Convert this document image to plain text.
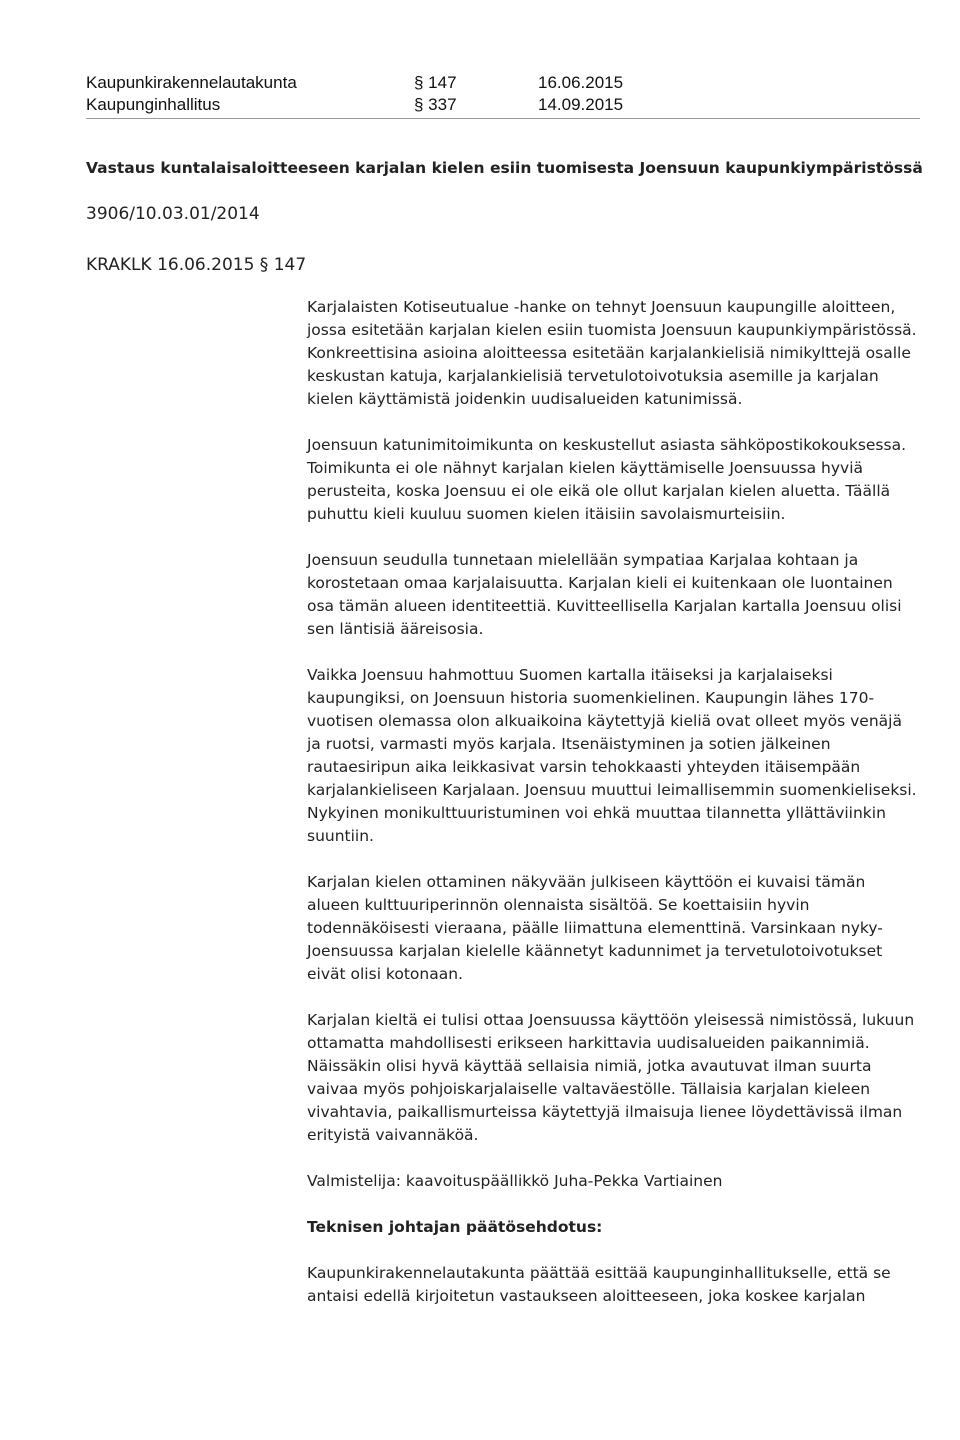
Kaupunkirakennelautakunta	§ 147	16.06.2015
Kaupunginhallitus	§ 337	14.09.2015
Vastaus kuntalaisaloitteeseen karjalan kielen esiin tuomisesta Joensuun kaupunkiympäristössä
3906/10.03.01/2014
KRAKLK 16.06.2015 § 147

Karjalaisten Kotiseutualue -hanke on tehnyt Joensuun kaupungille aloitteen, jossa esitetään karjalan kielen esiin tuomista Joensuun kaupunkiympäristössä. Konkreettisina asioina aloitteessa esitetään karjalankielisiä nimikylttejä osalle keskustan katuja, karjalankielisiä tervetulotoivotuksia asemille ja karjalan kielen käyttämistä joidenkin uudisalueiden katunimissä.

Joensuun katunimitoimikunta on keskustellut asiasta sähköpostikokouksessa. Toimikunta ei ole nähnyt karjalan kielen käyttämiselle Joensuussa hyviä perusteita, koska Joensuu ei ole eikä ole ollut karjalan kielen aluetta. Täällä puhuttu kieli kuuluu suomen kielen itäisiin savolaismurteisiin.

Joensuun seudulla tunnetaan mielellään sympatiaa Karjalaa kohtaan ja korostetaan omaa karjalaisuutta. Karjalan kieli ei kuitenkaan ole luontainen osa tämän alueen identiteettiä. Kuvitteellisella Karjalan kartalla Joensuu olisi sen läntisiä ääreisosia.

Vaikka Joensuu hahmottuu Suomen kartalla itäiseksi ja karjalaiseksi kaupungiksi, on Joensuun historia suomenkielinen. Kaupungin lähes 170-vuotisen olemassa olon alkuaikoina käytettyjä kieliä ovat olleet myös venäjä ja ruotsi, varmasti myös karjala. Itsenäistyminen ja sotien jälkeinen rautaesiripun aika leikkasivat varsin tehokkaasti yhteyden itäisempään karjalankieliseen Karjalaan. Joensuu muuttui leimallisemmin suomenkieliseksi. Nykyinen monikulttuuristuminen voi ehkä muuttaa tilannetta yllättäviinkin suuntiin.

Karjalan kielen ottaminen näkyvään julkiseen käyttöön ei kuvaisi tämän alueen kulttuuriperinnön olennaista sisältöä. Se koettaisiin hyvin todennäköisesti vieraana, päälle liimattuna elementtinä. Varsinkaan nyky-Joensuussa karjalan kielelle käännetyt kadunnimet ja tervetulotoivotukset eivät olisi kotonaan.

Karjalan kieltä ei tulisi ottaa Joensuussa käyttöön yleisessä nimistössä, lukuun ottamatta mahdollisesti erikseen harkittavia uudisalueiden paikannimiä. Näissäkin olisi hyvä käyttää sellaisia nimiä, jotka avautuvat ilman suurta vaivaa myös pohjoiskarjalaiselle valtaväestölle. Tällaisia karjalan kieleen vivahtavia, paikallismurteissa käytettyjä ilmaisuja lienee löydettävissä ilman erityistä vaivannäköä.

Valmistelija: kaavoituspäällikkö Juha-Pekka Vartiainen

Teknisen johtajan päätösehdotus:

Kaupunkirakennelautakunta päättää esittää kaupunginhallitukselle, että se antaisi edellä kirjoitetun vastaukseen aloitteeseen, joka koskee karjalan
